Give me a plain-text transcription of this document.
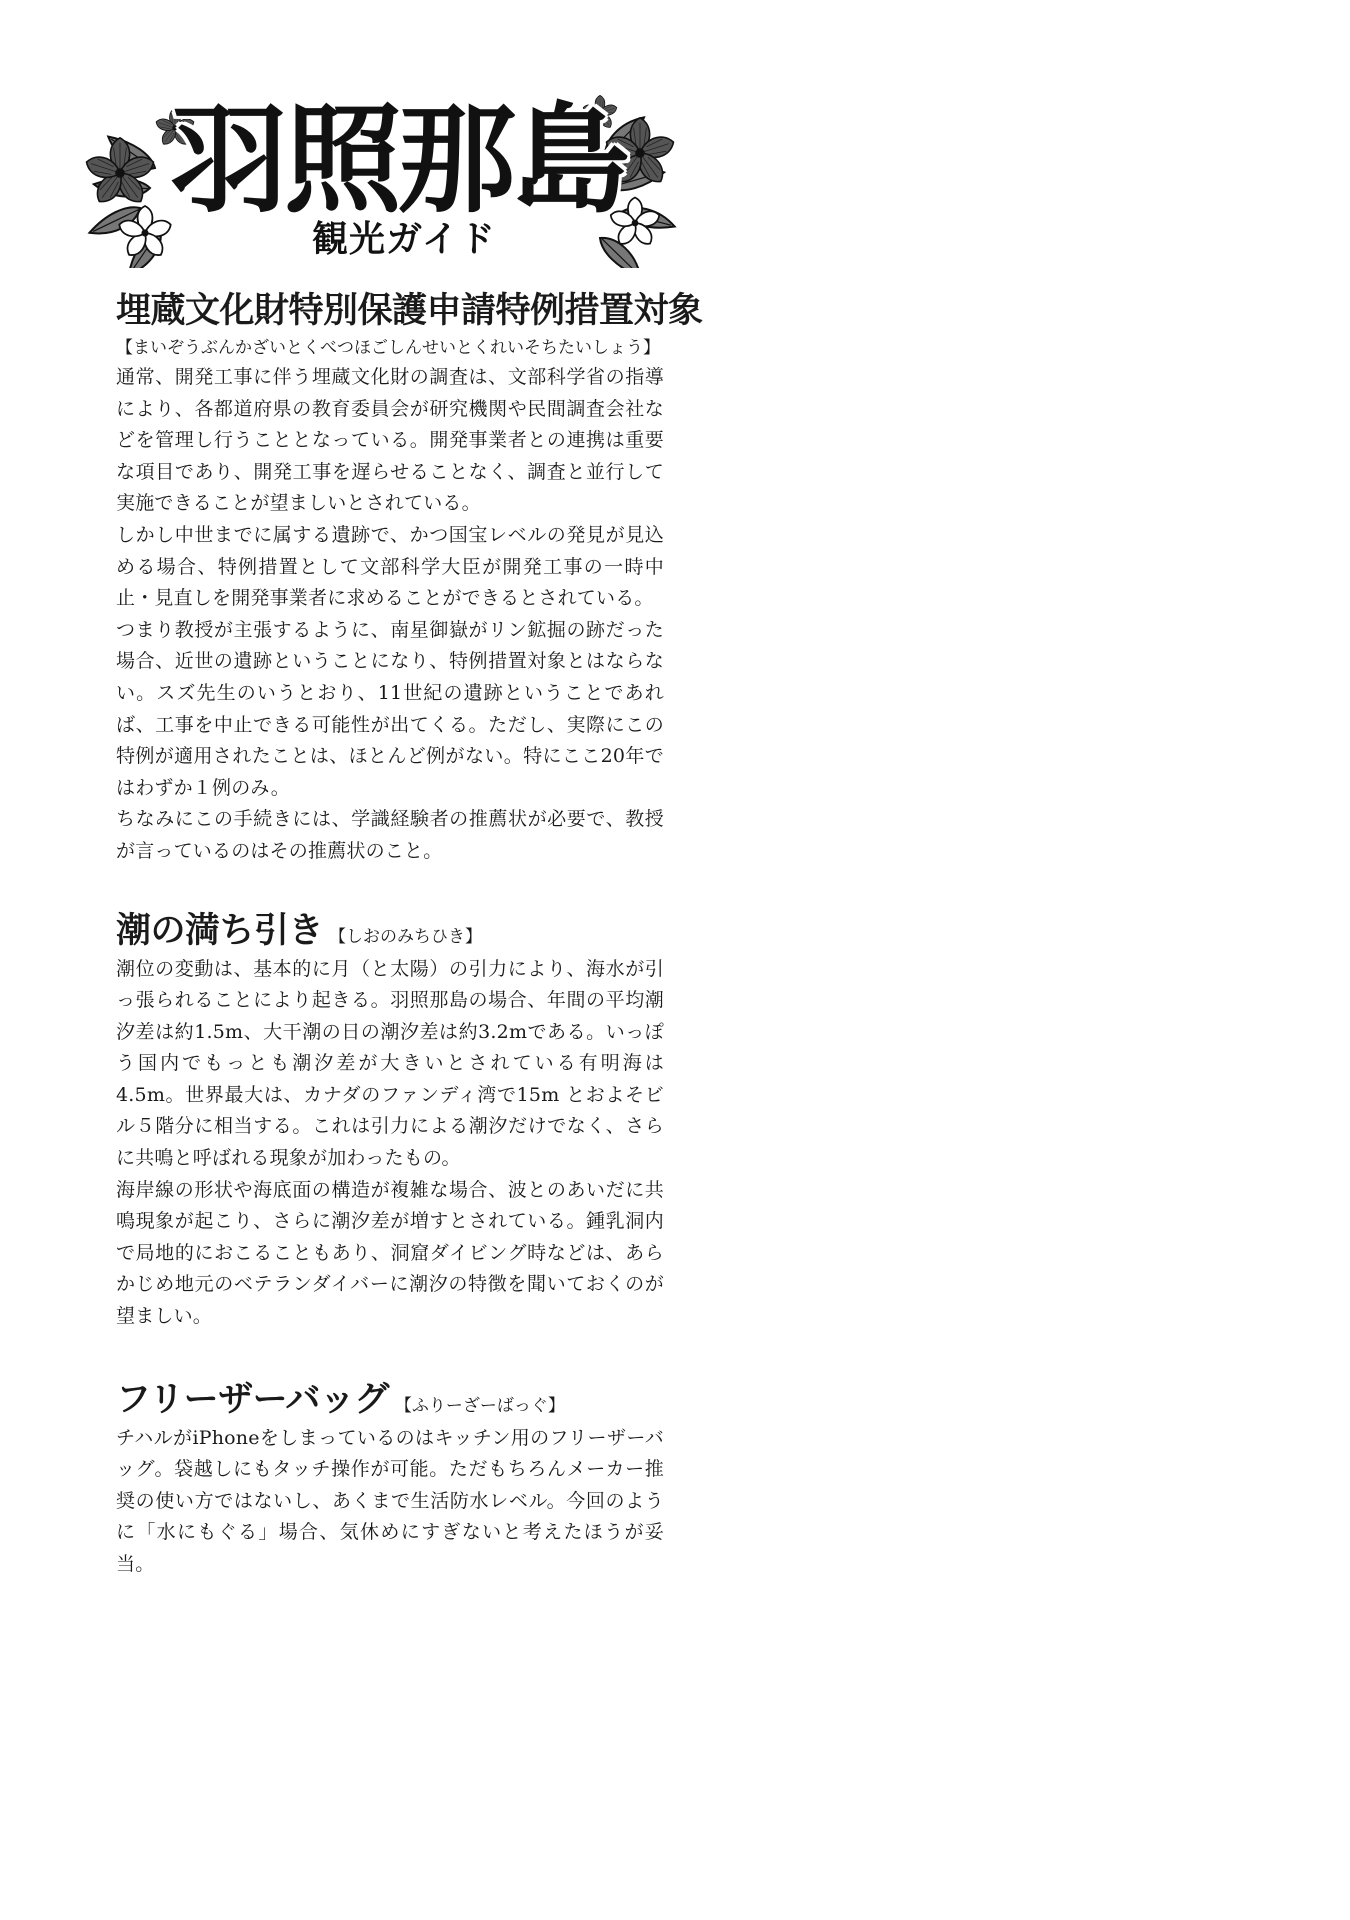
羽照那島
観光ガイド
埋蔵文化財特別保護申請特例措置対象

【まいぞうぶんかざいとくべつほごしんせいとくれいそちたいしょう】

通常、開発工事に伴う埋蔵文化財の調査は、文部科学省の指導により、各都道府県の教育委員会が研究機関や民間調査会社などを管理し行うこととなっている。開発事業者との連携は重要な項目であり、開発工事を遅らせることなく、調査と並行して実施できることが望ましいとされている。

しかし中世までに属する遺跡で、かつ国宝レベルの発見が見込める場合、特例措置として文部科学大臣が開発工事の一時中止・見直しを開発事業者に求めることができるとされている。

つまり教授が主張するように、南星御嶽がリン鉱掘の跡だった場合、近世の遺跡ということになり、特例措置対象とはならない。スズ先生のいうとおり、11世紀の遺跡ということであれば、工事を中止できる可能性が出てくる。ただし、実際にこの特例が適用されたことは、ほとんど例がない。特にここ20年ではわずか１例のみ。

ちなみにこの手続きには、学識経験者の推薦状が必要で、教授が言っているのはその推薦状のこと。

潮の満ち引き 【しおのみちひき】

潮位の変動は、基本的に月（と太陽）の引力により、海水が引っ張られることにより起きる。羽照那島の場合、年間の平均潮汐差は約1.5m、大干潮の日の潮汐差は約3.2mである。いっぽう国内でもっとも潮汐差が大きいとされている有明海は4.5m。世界最大は、カナダのファンディ湾で15m とおよそビル５階分に相当する。これは引力による潮汐だけでなく、さらに共鳴と呼ばれる現象が加わったもの。

海岸線の形状や海底面の構造が複雑な場合、波とのあいだに共鳴現象が起こり、さらに潮汐差が増すとされている。鍾乳洞内で局地的におこることもあり、洞窟ダイビング時などは、あらかじめ地元のベテランダイバーに潮汐の特徴を聞いておくのが望ましい。

フリーザーバッグ 【ふりーざーばっぐ】

チハルがiPhoneをしまっているのはキッチン用のフリーザーバッグ。袋越しにもタッチ操作が可能。ただもちろんメーカー推奨の使い方ではないし、あくまで生活防水レベル。今回のように「水にもぐる」場合、気休めにすぎないと考えたほうが妥当。
